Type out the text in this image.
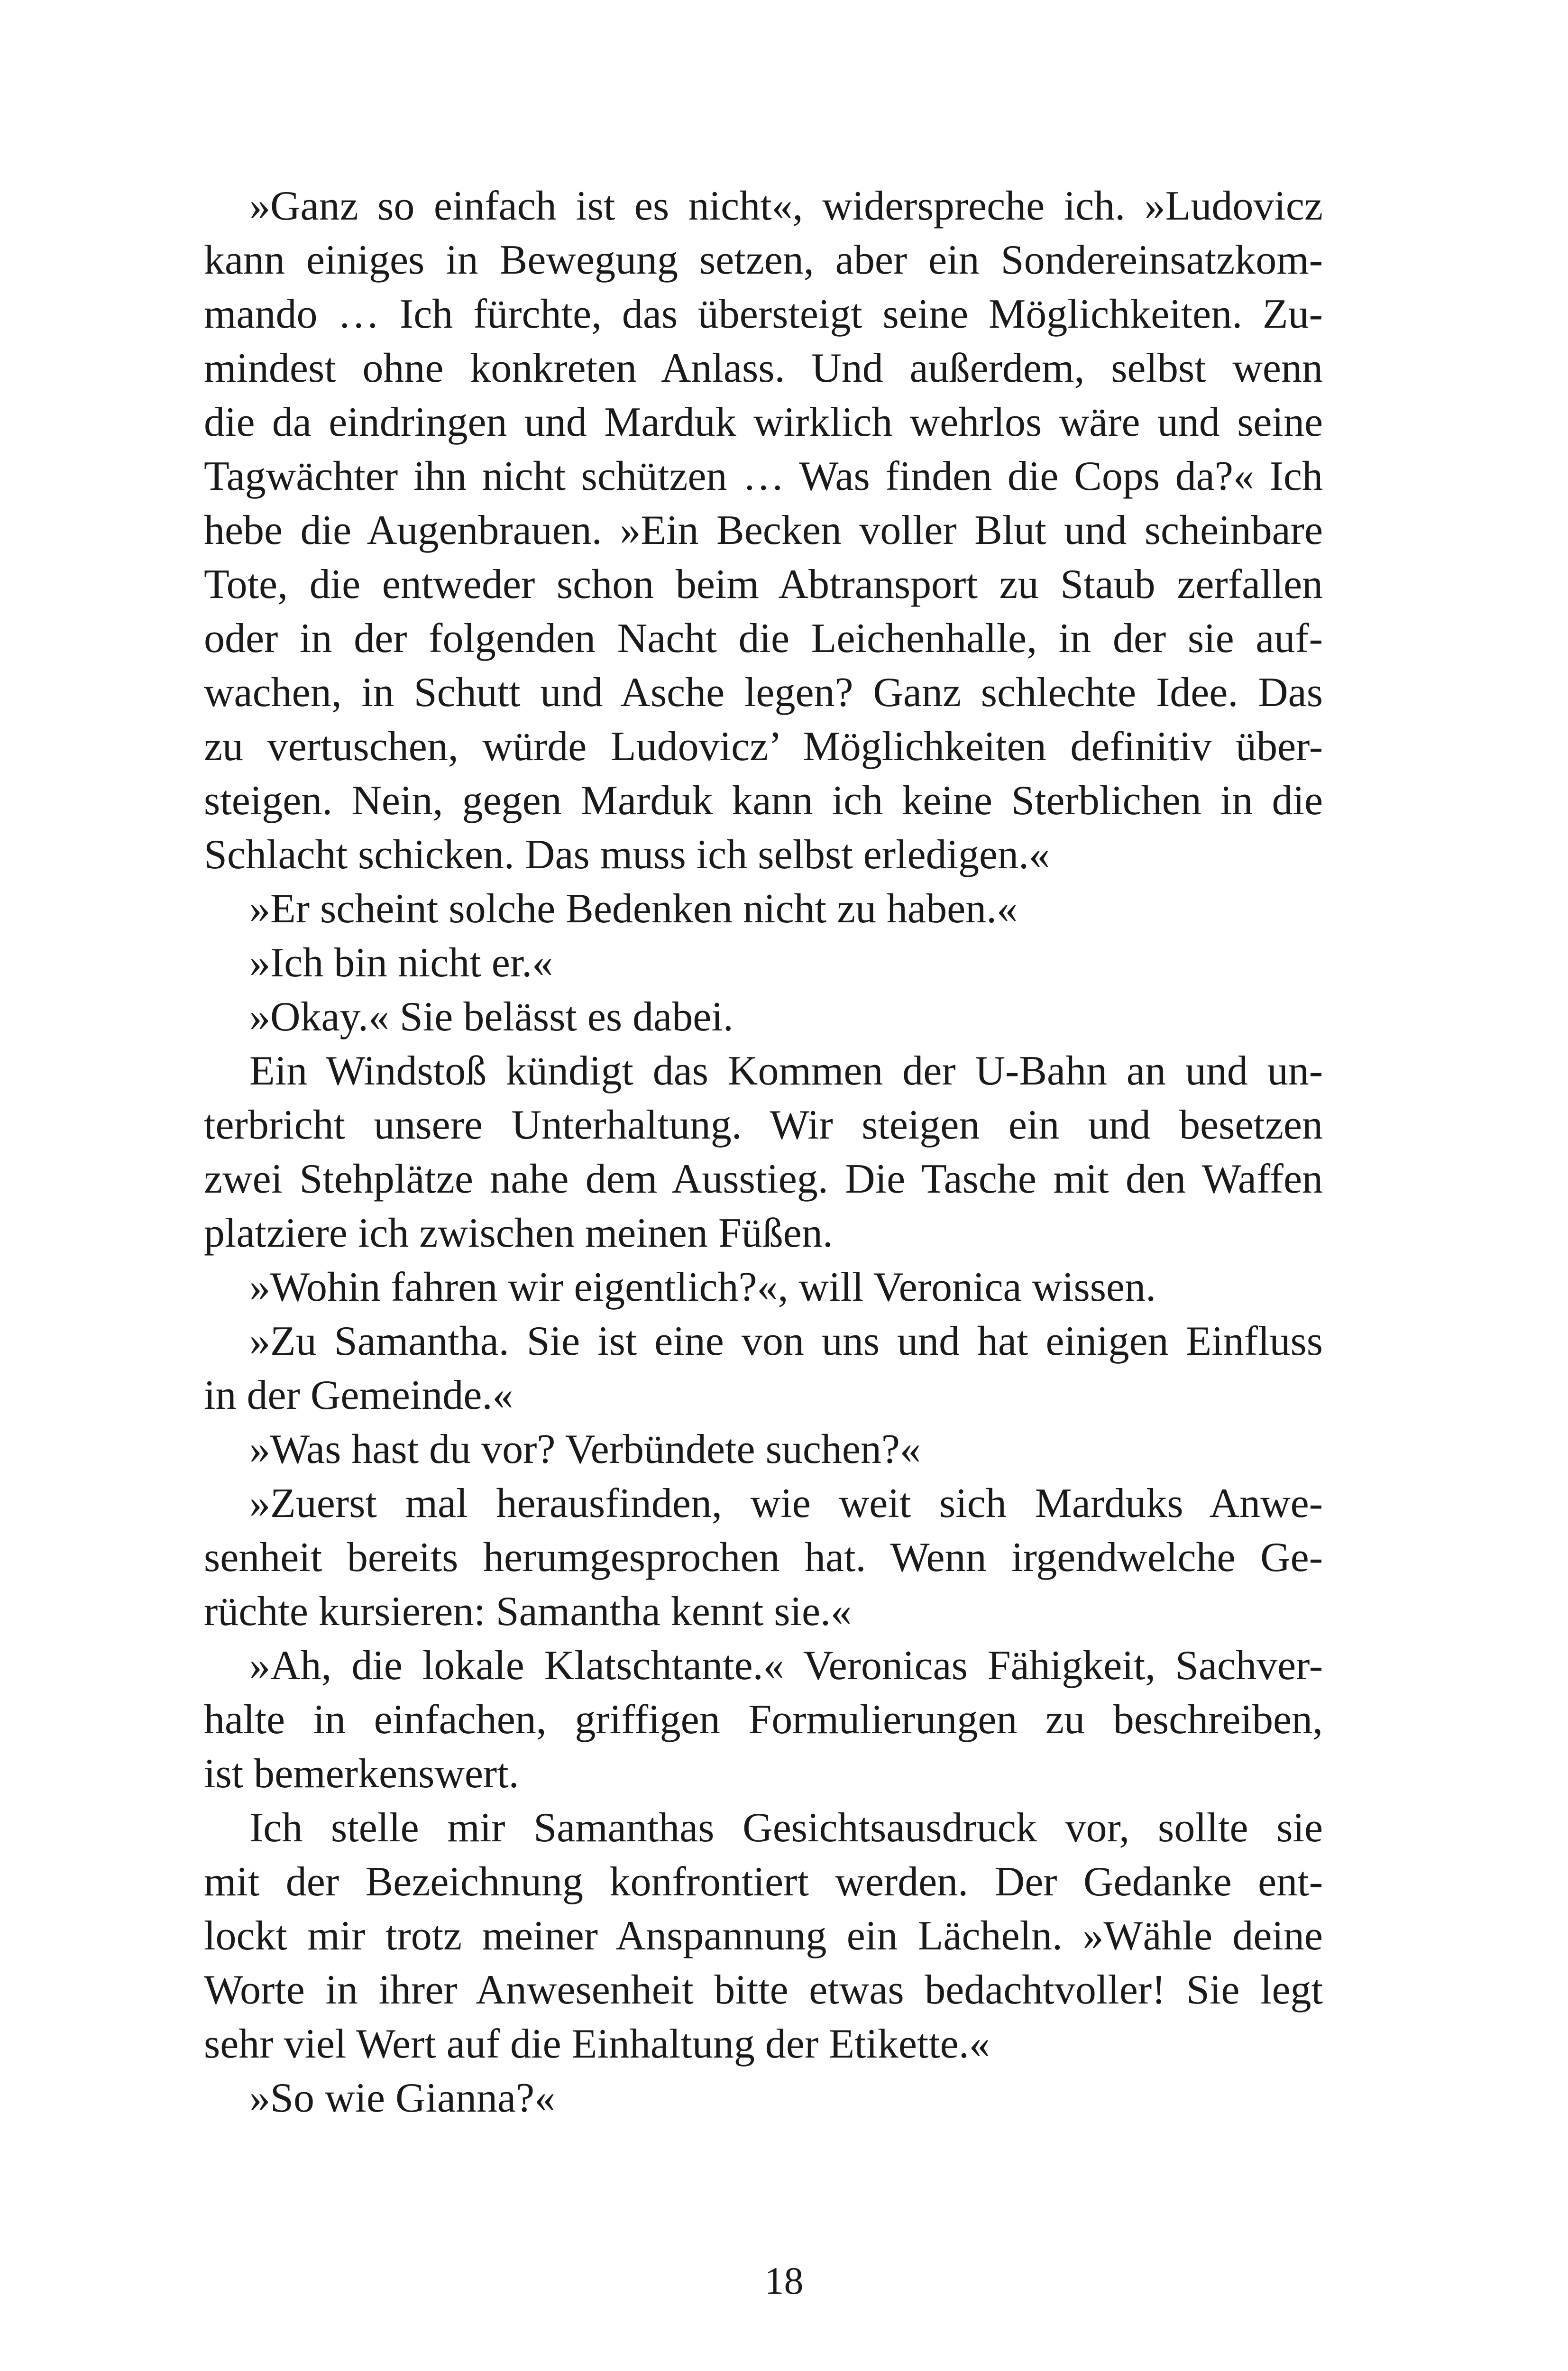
»Ganz so einfach ist es nicht«, widerspreche ich. »Ludovicz
kann einiges in Bewegung setzen, aber ein Sondereinsatzkom-
mando … Ich fürchte, das übersteigt seine Möglichkeiten. Zu-
mindest ohne konkreten Anlass. Und außerdem, selbst wenn
die da eindringen und Marduk wirklich wehrlos wäre und seine
Tagwächter ihn nicht schützen … Was finden die Cops da?« Ich
hebe die Augenbrauen. »Ein Becken voller Blut und scheinbare
Tote, die entweder schon beim Abtransport zu Staub zerfallen
oder in der folgenden Nacht die Leichenhalle, in der sie auf-
wachen, in Schutt und Asche legen? Ganz schlechte Idee. Das
zu vertuschen, würde Ludovicz’ Möglichkeiten definitiv über-
steigen. Nein, gegen Marduk kann ich keine Sterblichen in die
Schlacht schicken. Das muss ich selbst erledigen.«
»Er scheint solche Bedenken nicht zu haben.«
»Ich bin nicht er.«
»Okay.« Sie belässt es dabei.
Ein Windstoß kündigt das Kommen der U-Bahn an und un-
terbricht unsere Unterhaltung. Wir steigen ein und besetzen
zwei Stehplätze nahe dem Ausstieg. Die Tasche mit den Waffen
platziere ich zwischen meinen Füßen.
»Wohin fahren wir eigentlich?«, will Veronica wissen.
»Zu Samantha. Sie ist eine von uns und hat einigen Einfluss
in der Gemeinde.«
»Was hast du vor? Verbündete suchen?«
»Zuerst mal herausfinden, wie weit sich Marduks Anwe-
senheit bereits herumgesprochen hat. Wenn irgendwelche Ge-
rüchte kursieren: Samantha kennt sie.«
»Ah, die lokale Klatschtante.« Veronicas Fähigkeit, Sachver-
halte in einfachen, griffigen Formulierungen zu beschreiben,
ist bemerkenswert.
Ich stelle mir Samanthas Gesichtsausdruck vor, sollte sie
mit der Bezeichnung konfrontiert werden. Der Gedanke ent-
lockt mir trotz meiner Anspannung ein Lächeln. »Wähle deine
Worte in ihrer Anwesenheit bitte etwas bedachtvoller! Sie legt
sehr viel Wert auf die Einhaltung der Etikette.«
»So wie Gianna?«
18
